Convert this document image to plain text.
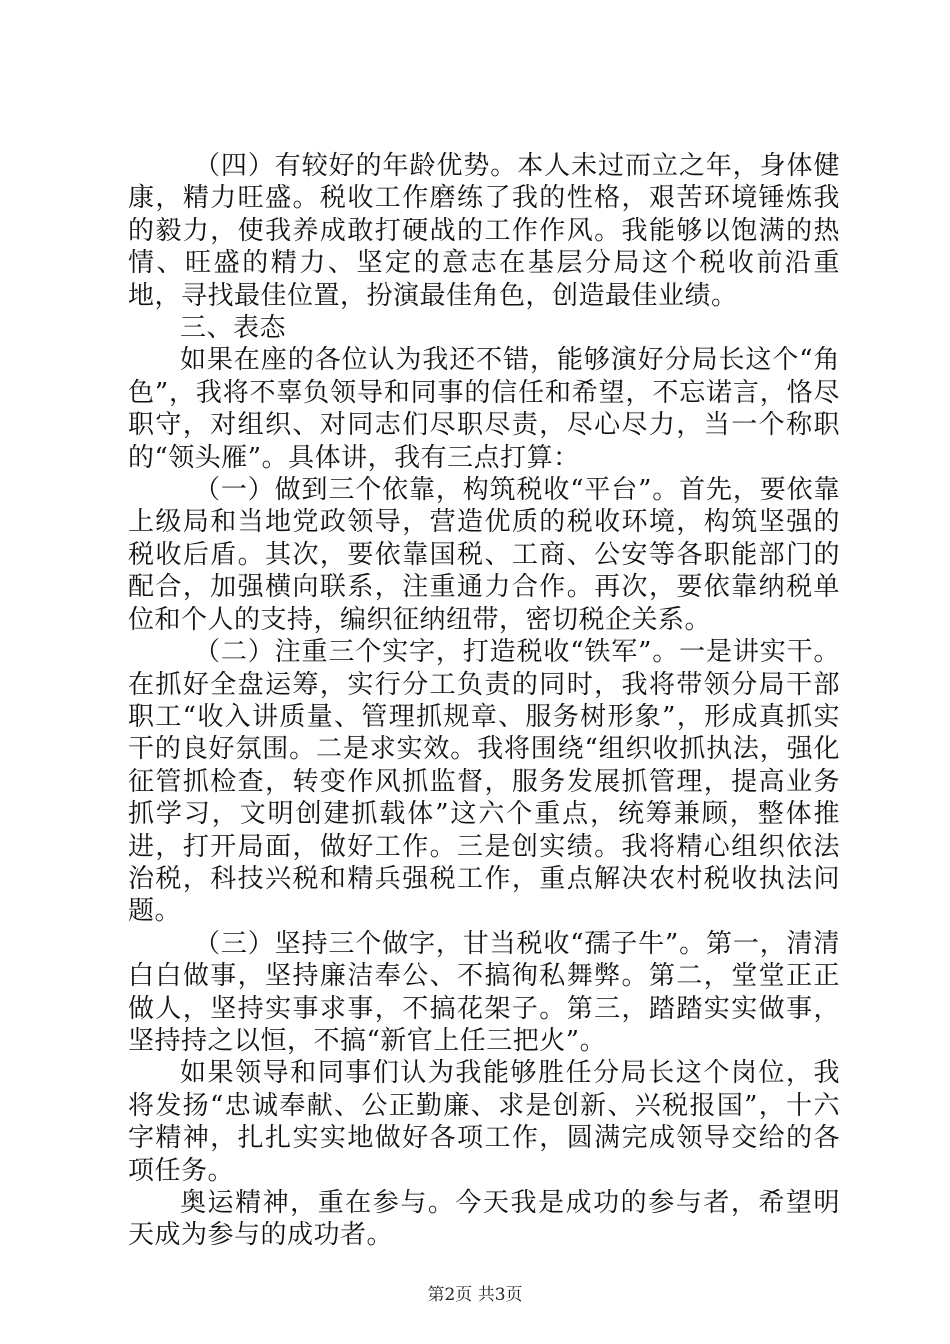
（四）有较好的年龄优势。本人未过而立之年，身体健康，精力旺盛。税收工作磨练了我的性格，艰苦环境锤炼我的毅力，使我养成敢打硬战的工作作风。我能够以饱满的热情、旺盛的精力、坚定的意志在基层分局这个税收前沿重地，寻找最佳位置，扮演最佳角色，创造最佳业绩。

三、表态

如果在座的各位认为我还不错，能够演好分局长这个“角色”，我将不辜负领导和同事的信任和希望，不忘诺言，恪尽职守，对组织、对同志们尽职尽责，尽心尽力，当一个称职的“领头雁”。具体讲，我有三点打算：

（一）做到三个依靠，构筑税收“平台”。首先，要依靠上级局和当地党政领导，营造优质的税收环境，构筑坚强的税收后盾。其次，要依靠国税、工商、公安等各职能部门的配合，加强横向联系，注重通力合作。再次，要依靠纳税单位和个人的支持，编织征纳纽带，密切税企关系。

（二）注重三个实字，打造税收“铁军”。一是讲实干。在抓好全盘运筹，实行分工负责的同时，我将带领分局干部职工“收入讲质量、管理抓规章、服务树形象”，形成真抓实干的良好氛围。二是求实效。我将围绕“组织收抓执法，强化征管抓检查，转变作风抓监督，服务发展抓管理，提高业务抓学习，文明创建抓载体”这六个重点，统筹兼顾，整体推进，打开局面，做好工作。三是创实绩。我将精心组织依法治税，科技兴税和精兵强税工作，重点解决农村税收执法问题。

（三）坚持三个做字，甘当税收“孺子牛”。第一，清清白白做事，坚持廉洁奉公、不搞徇私舞弊。第二，堂堂正正做人，坚持实事求事，不搞花架子。第三，踏踏实实做事，坚持持之以恒，不搞“新官上任三把火”。

如果领导和同事们认为我能够胜任分局长这个岗位，我将发扬“忠诚奉献、公正勤廉、求是创新、兴税报国”，十六字精神，扎扎实实地做好各项工作，圆满完成领导交给的各项任务。

奥运精神，重在参与。今天我是成功的参与者，希望明天成为参与的成功者。

第2页 共3页
